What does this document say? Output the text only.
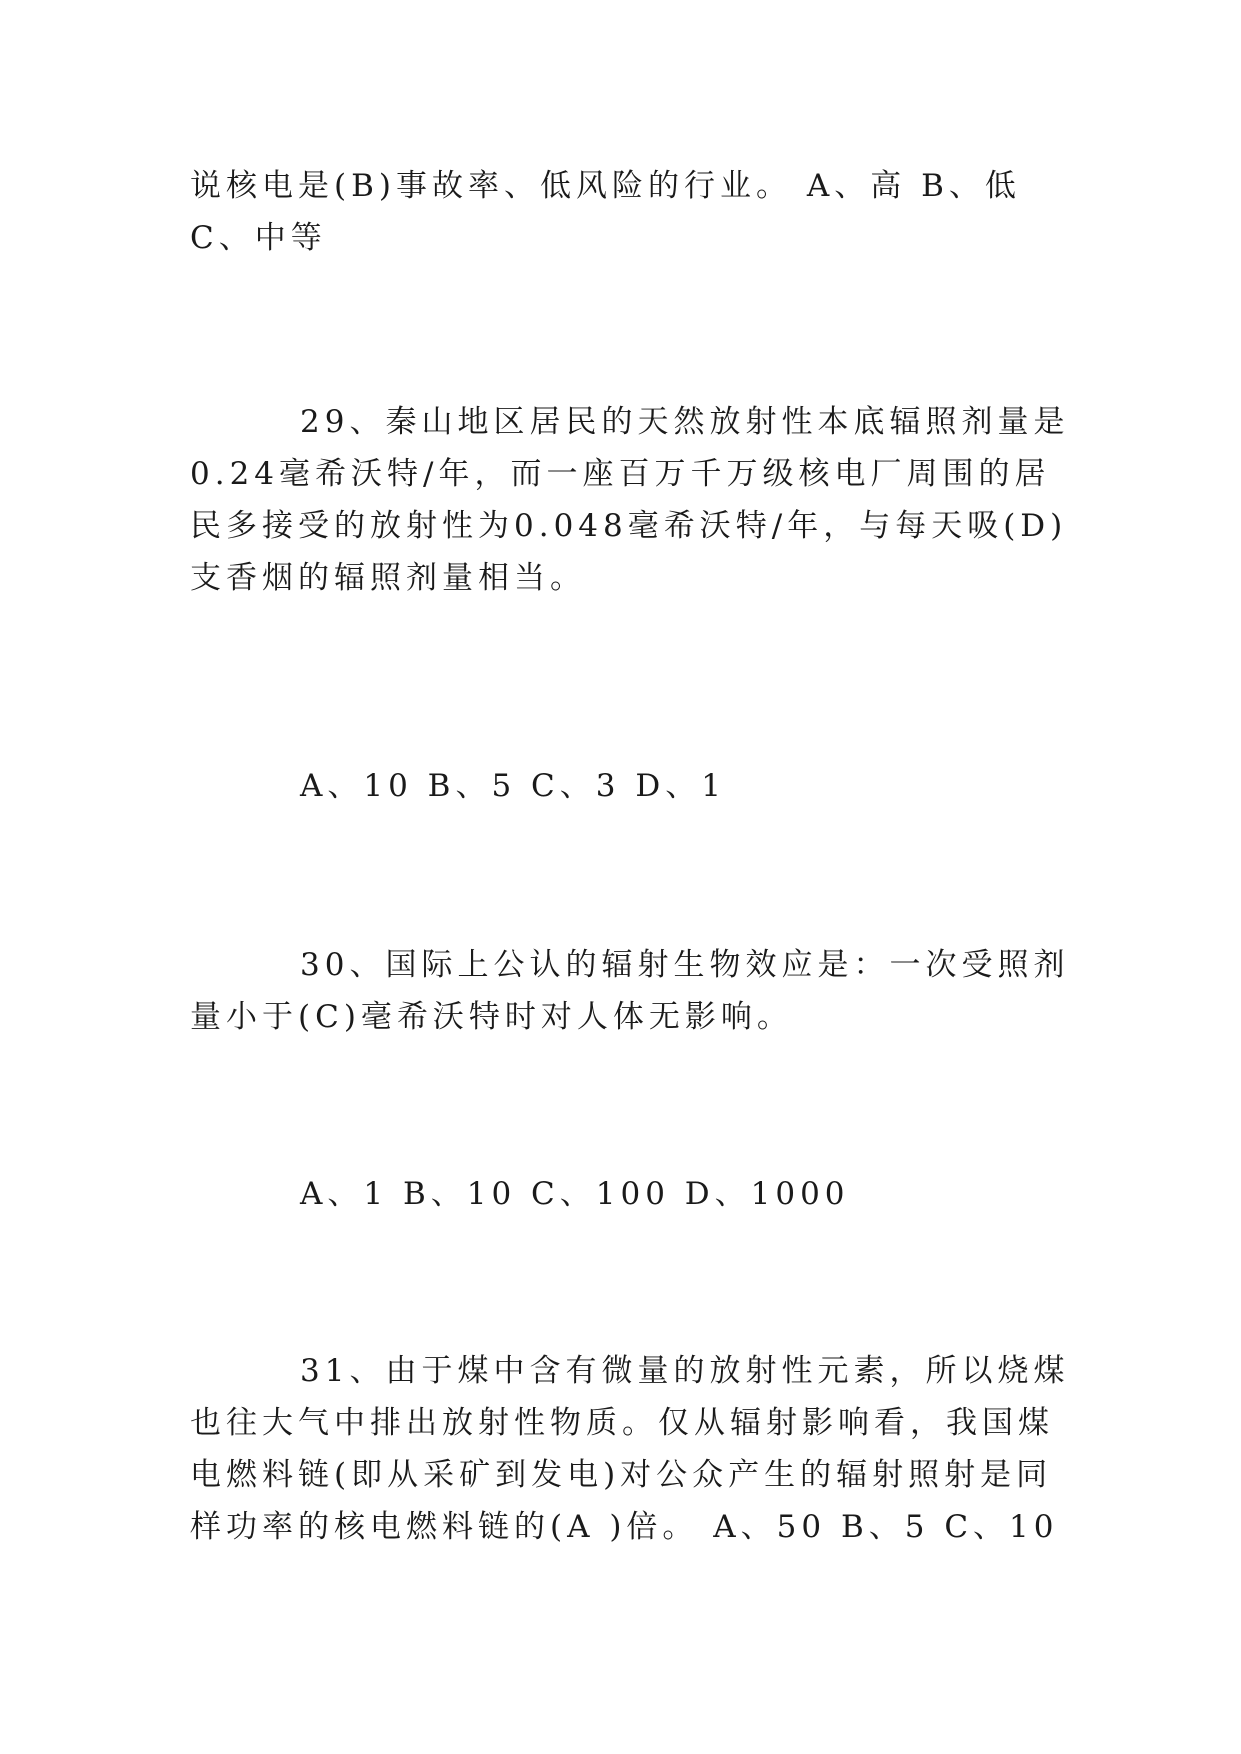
说核电是(B)事故率、低风险的行业。 A、高 B、低 C、中等

29、秦山地区居民的天然放射性本底辐照剂量是0.24毫希沃特/年，而一座百万千万级核电厂周围的居民多接受的放射性为0.048毫希沃特/年，与每天吸(D)支香烟的辐照剂量相当。

A、10 B、5 C、3 D、1

30、国际上公认的辐射生物效应是：一次受照剂量小于(C)毫希沃特时对人体无影响。

A、1 B、10 C、100 D、1000

31、由于煤中含有微量的放射性元素，所以烧煤也往大气中排出放射性物质。仅从辐射影响看，我国煤电燃料链(即从采矿到发电)对公众产生的辐射照射是同样功率的核电燃料链的(A )倍。 A、50 B、5 C、10
